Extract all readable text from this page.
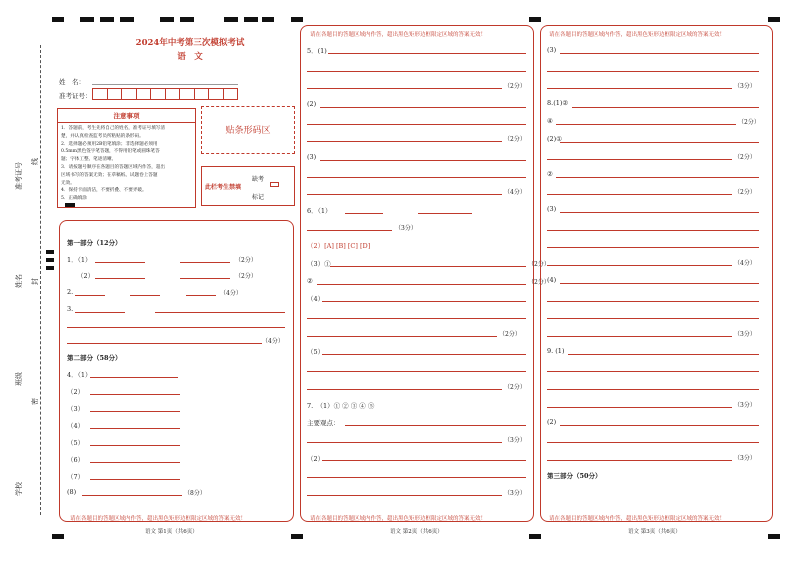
准考证号
线
姓名 封
班级
密
学校
2024年中考第三次模拟考试
语　文
姓　名：
准考证号：
注意事项
1．答题前，考生先将自己的姓名，准考证号填写清
楚，并认真检查监考员所粘贴的条形码。
2．选择题必须用2B铅笔填涂；非选择题必须用
0.5mm黑色签字笔答题，不得用铅笔或圆珠笔答
题；字体工整、笔迹清晰。
3．请按题号顺序在各题目的答题区域内作答，超出
区域书写的答案无效；在草稿纸、试题卷上答题
无效。
4．保持卡面清洁，不要折叠、不要弄破。
5．正确填涂
贴条形码区
此栏考生禁填
缺考
标记
第一部分（12分）
1．（1）	（2分）
（2）	（2分）
2.	（4分）
3.
（4分）
第二部分（58分）
4．（1）
（2）
（3）
（4）
（5）
（6）
（7）
(8)	（8分）
请在各题目的答题区域内作答，超出黑色矩形边框限定区域的答案无效！
语文 第1页（共6页）
请在各题目的答题区域内作答，超出黑色矩形边框限定区域的答案无效！
请在各题目的答题区域内作答，超出黑色矩形边框限定区域的答案无效！
语文 第2页（共6页）
5．(1)
(2)
(3)
6．（1）
（3分）
（2）[A] [B] [C] [D]
（3）①
②
（4）
（5）
7.　（1）① ② ③ ④ ⑤
主要观点：
（2）
（2分）
（2分）
（4分）
（2分）
（2分）
（2分）
（2分）
（3分）
（3分）
请在各题目的答题区域内作答，超出黑色矩形边框限定区域的答案无效！
请在各题目的答题区域内作答，超出黑色矩形边框限定区域的答案无效！
语文 第3页（共6页）
(3)
8.(1)②
④
(2)①
②
(3)
(4)
9. (1)
(2)
第三部分（50分）
（3分）
（2分）
（2分）
（2分）
（4分）
（3分）
（3分）
（3分）
